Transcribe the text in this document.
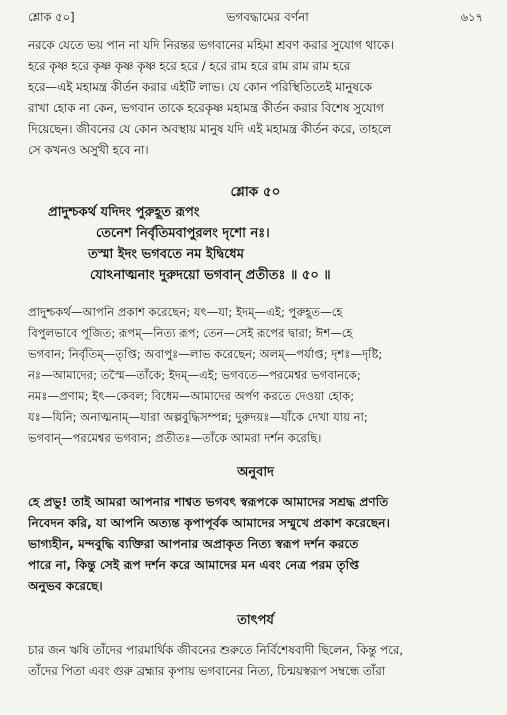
শ্লোক ৫০]	ভগবদ্ধামের বর্ণনা	৬১৭
নরকে যেতে ভয় পান না যদি নিরন্তর ভগবানের মহিমা শ্রবণ করার সুযোগ থাকে।
হরে কৃষ্ণ হরে কৃষ্ণ কৃষ্ণ কৃষ্ণ হরে হরে / হরে রাম হরে রাম রাম রাম হরে
হরে—এই মহামন্ত্র কীর্তন করার এইটি লাভ। যে কোন পরিস্থিতিতেই মানুষকে
রাখা হোক না কেন, ভগবান তাকে হরেকৃষ্ণ মহামন্ত্র কীর্তন করার বিশেষ সুযোগ
দিয়েছেন। জীবনের যে কোন অবস্থায় মানুষ যদি এই মহামন্ত্র কীর্তন করে, তাহলে
সে কখনও অসুখী হবে না।
শ্লোক ৫০
প্রাদুশ্চকর্থ যদিদং পুরুহূত রূপং
তেনেশ নির্বৃতিমবাপুরলং দৃশো নঃ।
তস্মা ইদং ভগবতে নম ইদ্বিধেম
যোঽনাত্মনাং দুরুদয়ো ভগবান্ প্রতীতঃ ॥ ৫০ ॥
প্রাদুশ্চকর্থ—আপনি প্রকাশ করেছেন; যৎ—যা; ইদম্—এই; পুরুহূত—হে
বিপুলভাবে পূজিত; রূপম্—নিত্য রূপ; তেন—সেই রূপের দ্বারা; ঈশ—হে
ভগবান; নির্বৃতিম্—তৃপ্তি; অবাপুঃ—লাভ করেছেন; অলম্—পর্যাপ্ত; দৃশঃ—দৃষ্টি;
নঃ—আমাদের; তস্মৈ—তাঁকে; ইদম্—এই; ভগবতে—পরমেশ্বর ভগবানকে;
নমঃ—প্রণাম; ইৎ—কেবল; বিধেম—আমাদের অর্পণ করতে দেওয়া হোক;
যঃ—যিনি; অনাত্মনাম্—যারা অল্পবুদ্ধিসম্পন্ন; দুরুদয়ঃ—যাঁকে দেখা যায় না;
ভগবান্—পরমেশ্বর ভগবান; প্রতীতঃ—তাঁকে আমরা দর্শন করেছি।
অনুবাদ
হে প্রভু! তাই আমরা আপনার শাশ্বত ভগবৎ স্বরূপকে আমাদের সশ্রদ্ধ প্রণতি
নিবেদন করি, যা আপনি অত্যন্ত কৃপাপূর্বক আমাদের সম্মুখে প্রকাশ করেছেন।
ভাগ্যহীন, মন্দবুদ্ধি ব্যক্তিরা আপনার অপ্রাকৃত নিত্য স্বরূপ দর্শন করতে
পারে না, কিন্তু সেই রূপ দর্শন করে আমাদের মন এবং নেত্র পরম তৃপ্তি
অনুভব করেছে।
তাৎপর্য
চার জন ঋষি তাঁদের পারমার্থিক জীবনের শুরুতে নির্বিশেষবাদী ছিলেন, কিন্তু পরে,
তাঁদের পিতা এবং গুরু ব্রহ্মার কৃপায় ভগবানের নিত্য, চিন্ময়স্বরূপ সম্বন্ধে তাঁরা
